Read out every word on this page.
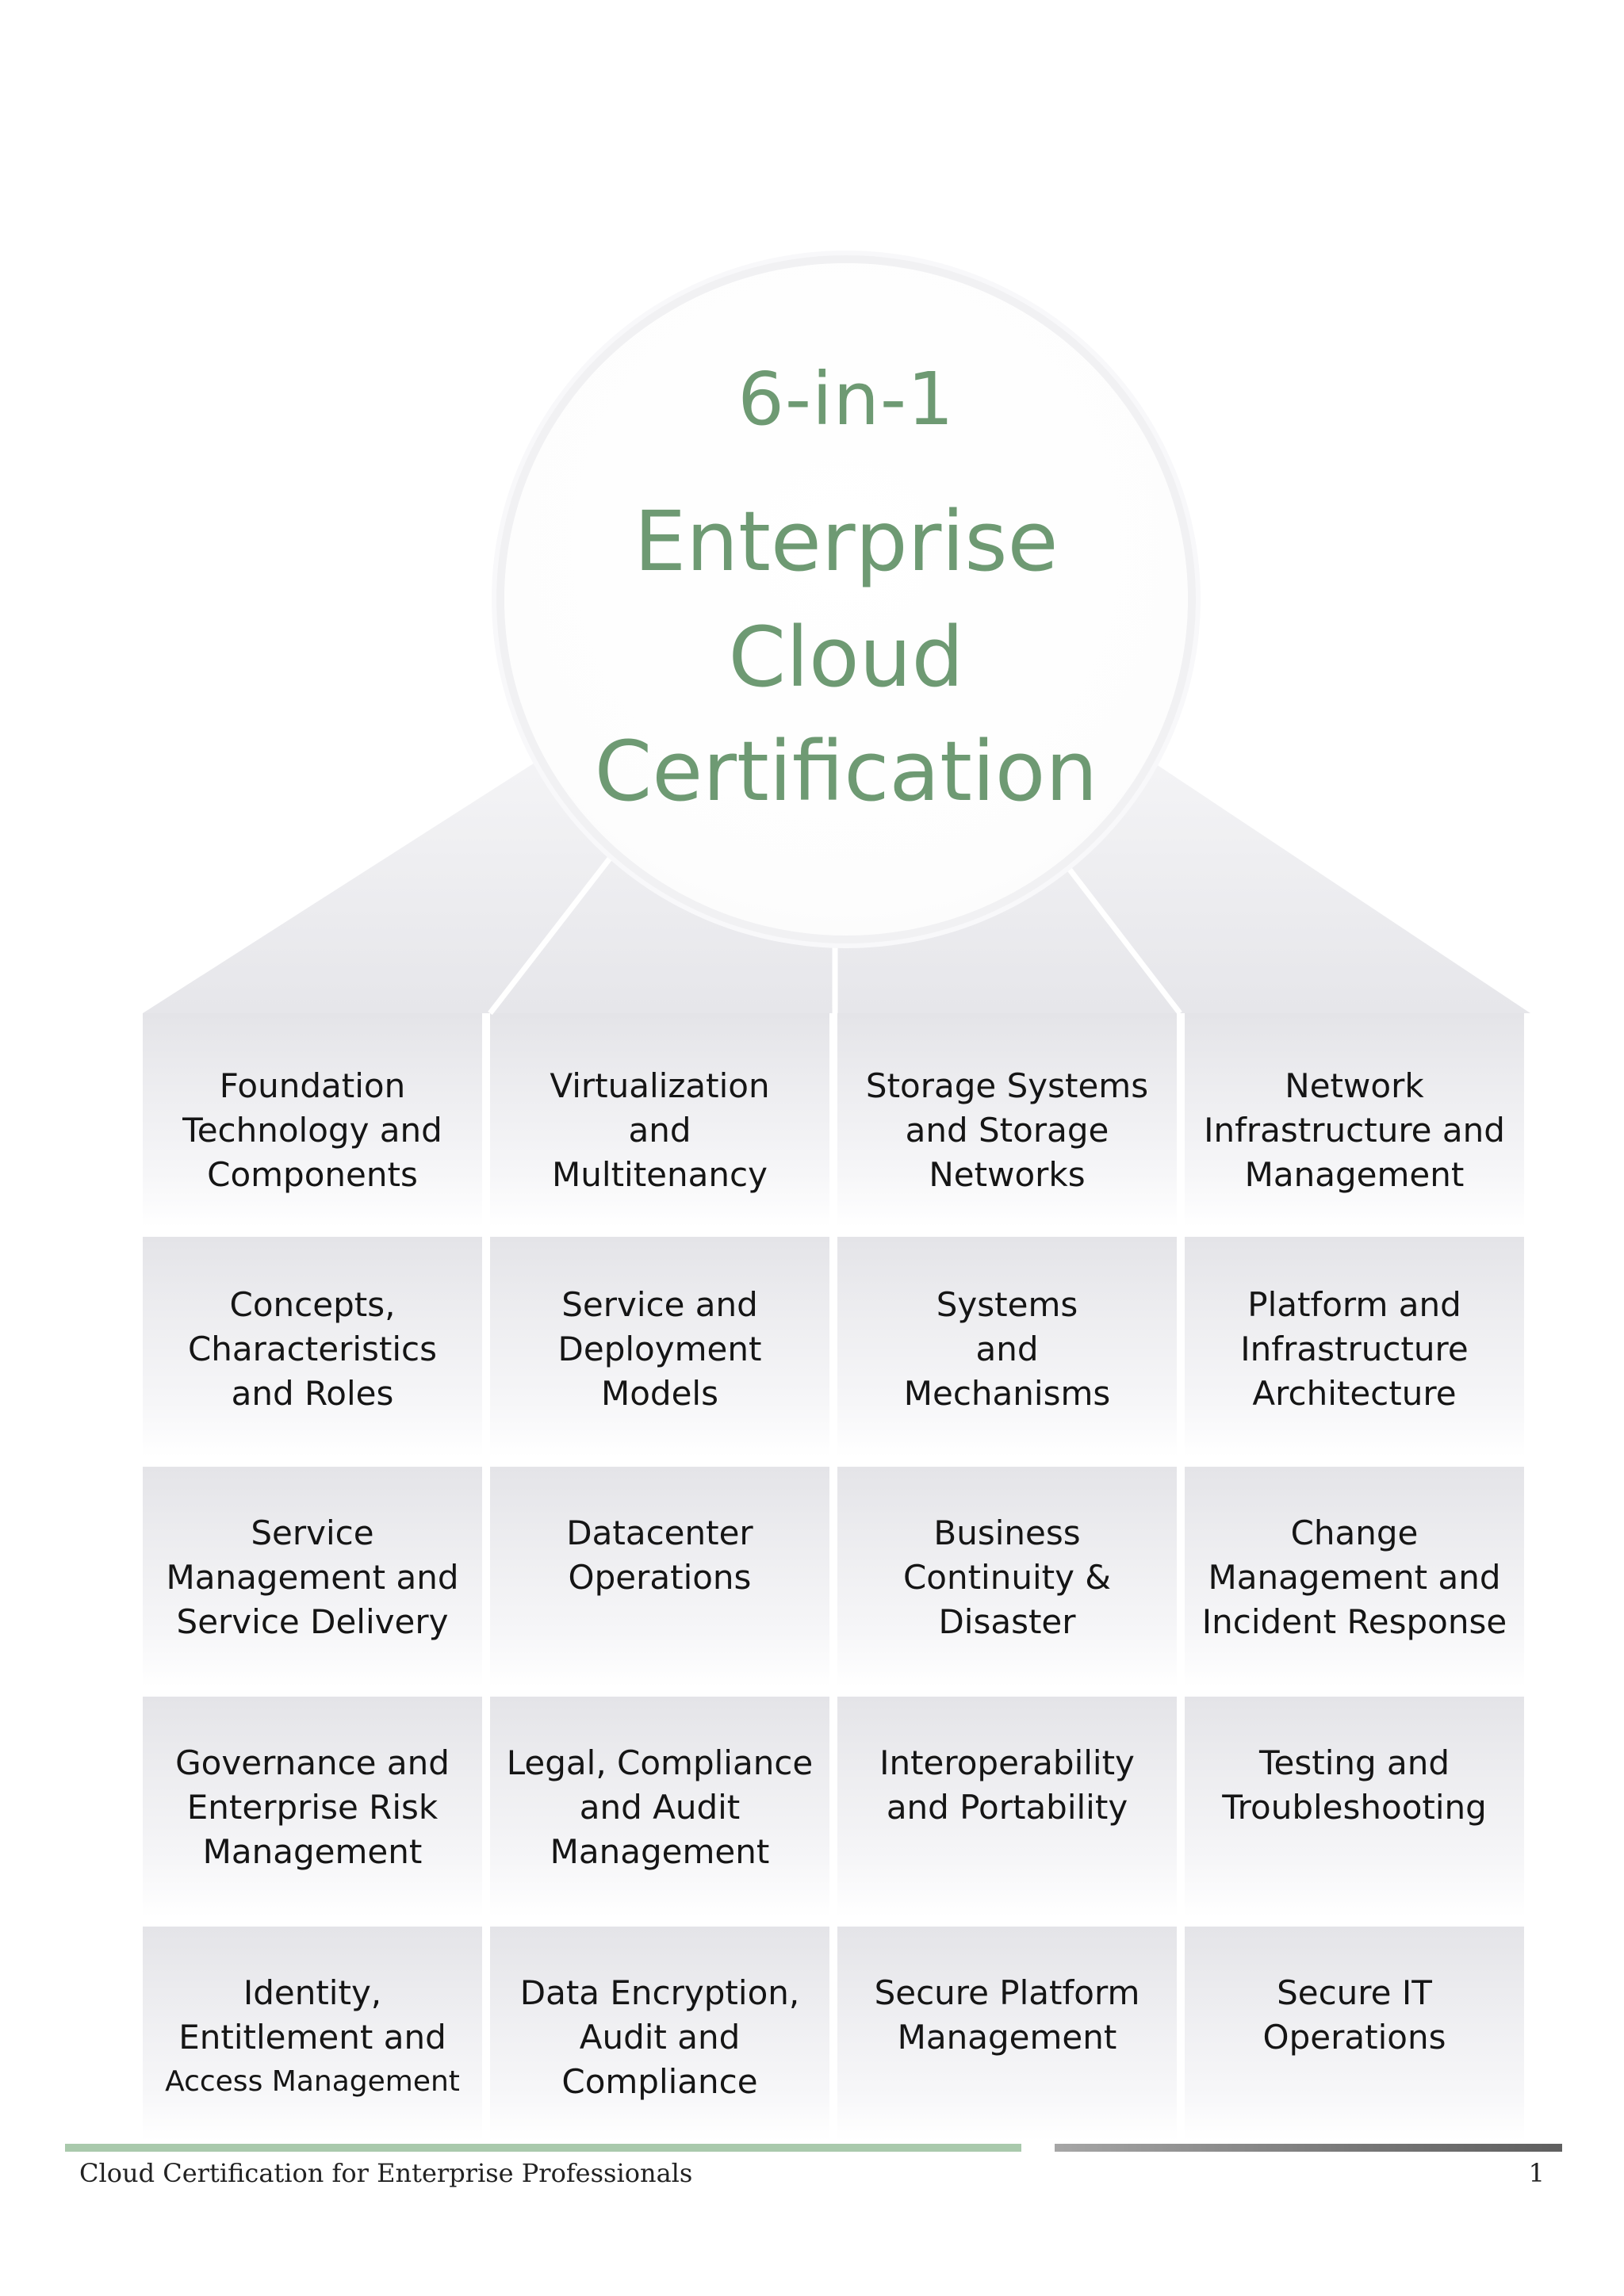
6-in-1
Enterprise
Cloud
Certification
Foundation
Technology and
Components
Virtualization
and
Multitenancy
Storage Systems
and Storage
Networks
Network
Infrastructure and
Management
Concepts,
Characteristics
and Roles
Service and
Deployment
Models
Systems
and
Mechanisms
Platform and
Infrastructure
Architecture
Service
Management and
Service Delivery
Datacenter
Operations
Business
Continuity &
Disaster
Change
Management and
Incident Response
Governance and
Enterprise Risk
Management
Legal, Compliance
and Audit
Management
Interoperability
and Portability
Testing and
Troubleshooting
Identity,
Entitlement and
Access Management
Data Encryption,
Audit and
Compliance
Secure Platform
Management
Secure IT
Operations
Cloud Certification for Enterprise Professionals	1
